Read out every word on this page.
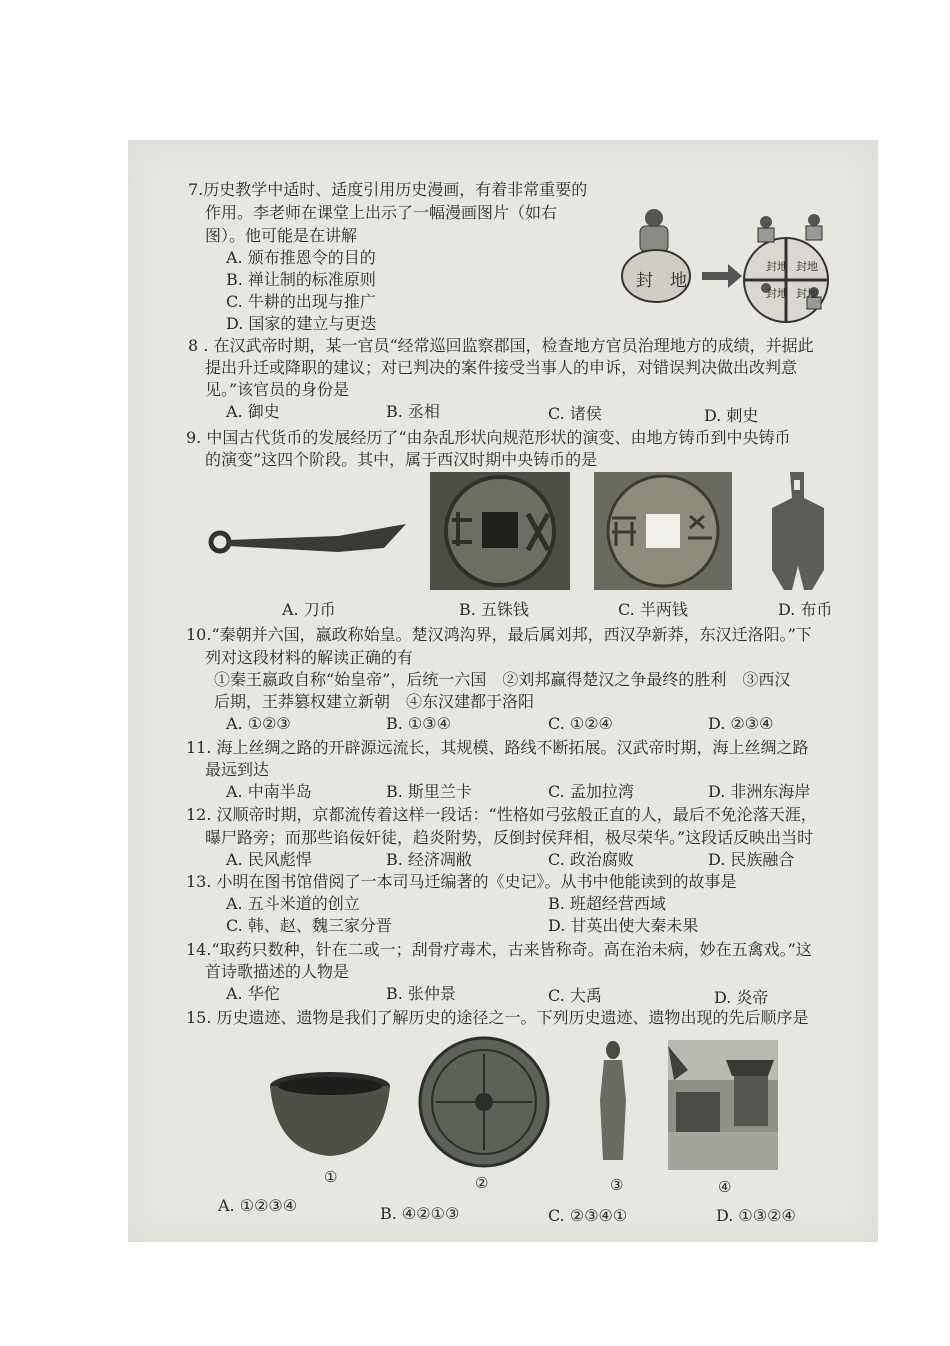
7.历史教学中适时、适度引用历史漫画，有着非常重要的
作用。李老师在课堂上出示了一幅漫画图片（如右
图）。他可能是在讲解
A. 颁布推恩令的目的
B. 禅让制的标准原则
C. 牛耕的出现与推广
D. 国家的建立与更迭
封　地
封地 封地
封地 封地
8 . 在汉武帝时期，某一官员“经常巡回监察郡国，检查地方官员治理地方的成绩，并据此
提出升迁或降职的建议；对已判决的案件接受当事人的申诉，对错误判决做出改判意
见。”该官员的身份是
A. 御史	B. 丞相	C. 诸侯	D. 刺史
9. 中国古代货币的发展经历了“由杂乱形状向规范形状的演变、由地方铸币到中央铸币
的演变”这四个阶段。其中，属于西汉时期中央铸币的是
A. 刀币	B. 五铢钱	C. 半两钱	D. 布币
10.“秦朝并六国，嬴政称始皇。楚汉鸿沟界，最后属刘邦，西汉孕新莽，东汉迁洛阳。”下
列对这段材料的解读正确的有
①秦王嬴政自称“始皇帝”，后统一六国　②刘邦赢得楚汉之争最终的胜利　③西汉
后期，王莽篡权建立新朝　④东汉建都于洛阳
A. ①②③	B. ①③④	C. ①②④	D. ②③④
11. 海上丝绸之路的开辟源远流长，其规模、路线不断拓展。汉武帝时期，海上丝绸之路
最远到达
A. 中南半岛	B. 斯里兰卡	C. 孟加拉湾	D. 非洲东海岸
12. 汉顺帝时期，京都流传着这样一段话：“性格如弓弦般正直的人，最后不免沦落天涯，
曝尸路旁；而那些谄佞奸徒，趋炎附势，反倒封侯拜相，极尽荣华。”这段话反映出当时
A. 民风彪悍	B. 经济凋敝	C. 政治腐败	D. 民族融合
13. 小明在图书馆借阅了一本司马迁编著的《史记》。从书中他能读到的故事是
A. 五斗米道的创立	B. 班超经营西域
C. 韩、赵、魏三家分晋	D. 甘英出使大秦未果
14.“取药只数种，针在二或一；刮骨疗毒术，古来皆称奇。高在治未病，妙在五禽戏。”这
首诗歌描述的人物是
A. 华佗	B. 张仲景	C. 大禹	D. 炎帝
15. 历史遗迹、遗物是我们了解历史的途径之一。下列历史遗迹、遗物出现的先后顺序是
①	②	③	④
A. ①②③④	B. ④②①③	C. ②③④①	D. ①③②④
